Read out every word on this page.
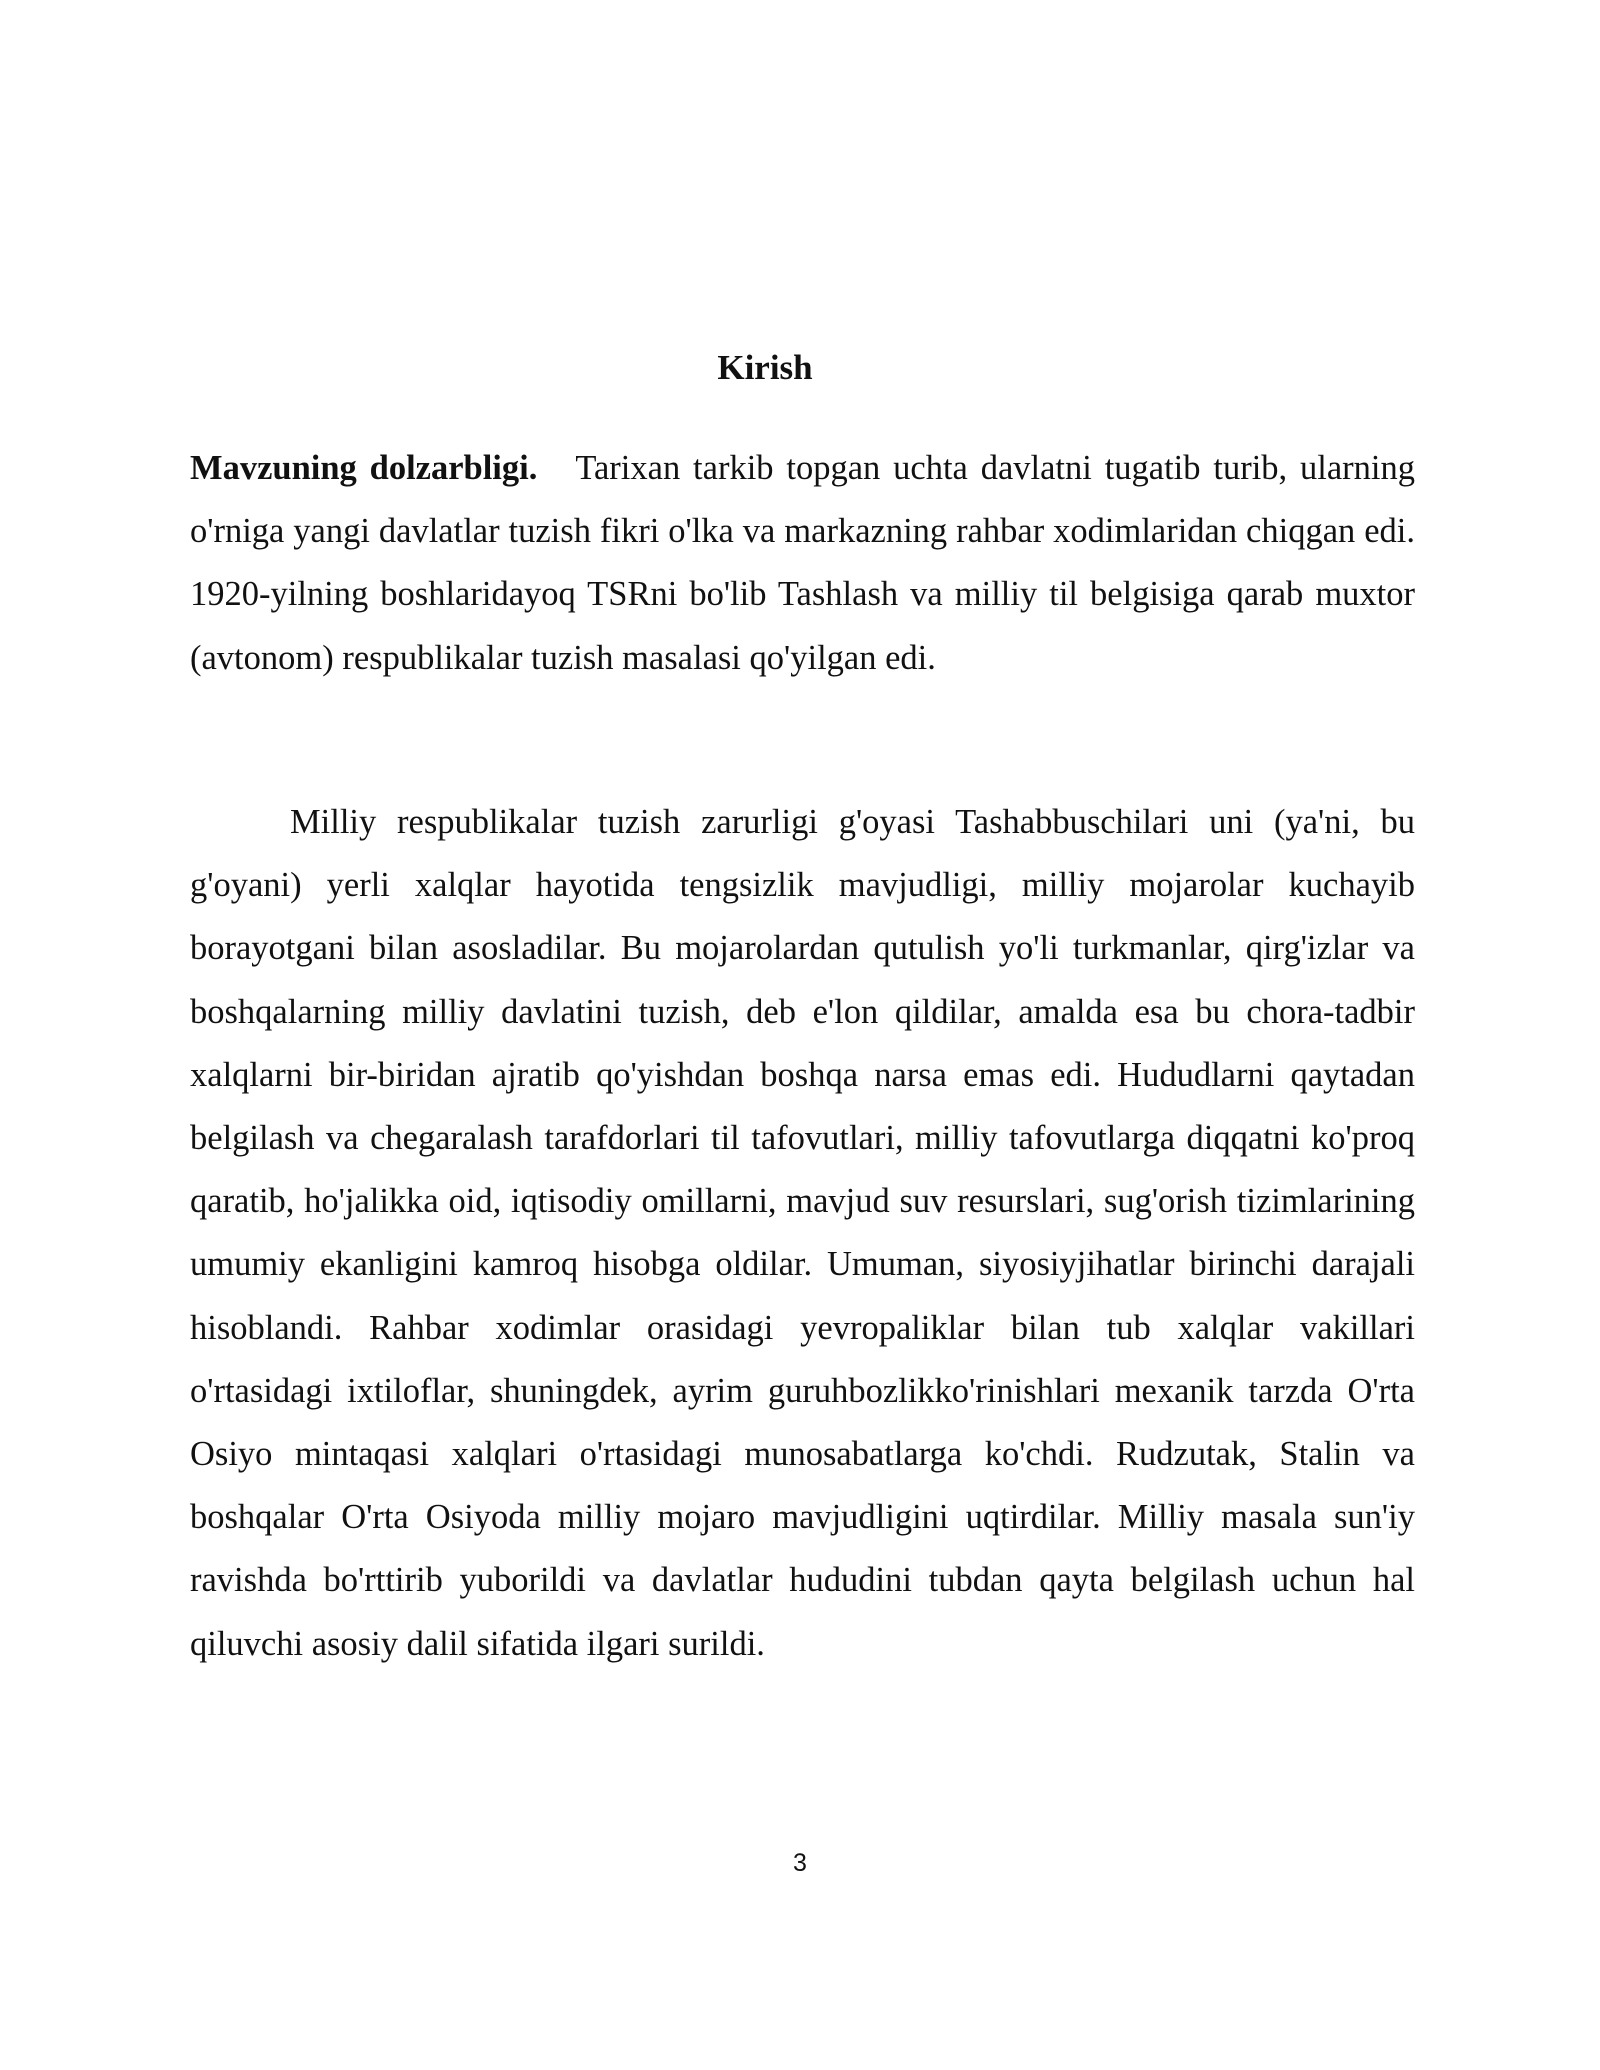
Kirish

Mavzuning dolzarbligi. Tarixan tarkib topgan uchta davlatni tugatib turib, ularning o'rniga yangi davlatlar tuzish fikri o'lka va markazning rahbar xodimlaridan chiqgan edi. 1920-yilning boshlaridayoq TSRni bo'lib Tashlash va milliy til belgisiga qarab muxtor (avtonom) respublikalar tuzish masalasi qo'yilgan edi.

Milliy respublikalar tuzish zarurligi g'oyasi Tashabbuschilari uni (ya'ni, bu g'oyani) yerli xalqlar hayotida tengsizlik mavjudligi, milliy mojarolar kuchayib borayotgani bilan asosladilar. Bu mojarolardan qutulish yo'li turkmanlar, qirg'izlar va boshqalarning milliy davlatini tuzish, deb e'lon qildilar, amalda esa bu chora-tadbir xalqlarni bir-biridan ajratib qo'yishdan boshqa narsa emas edi. Hududlarni qaytadan belgilash va chegaralash tarafdorlari til tafovutlari, milliy tafovutlarga diqqatni ko'proq qaratib, ho'jalikka oid, iqtisodiy omillarni, mavjud suv resurslari, sug'orish tizimlarining umumiy ekanligini kamroq hisobga oldilar. Umuman, siyosiyjihatlar birinchi darajali hisoblandi. Rahbar xodimlar orasidagi yevropaliklar bilan tub xalqlar vakillari o'rtasidagi ixtiloflar, shuningdek, ayrim guruhbozlikko'rinishlari mexanik tarzda O'rta Osiyo mintaqasi xalqlari o'rtasidagi munosabatlarga ko'chdi. Rudzutak, Stalin va boshqalar O'rta Osiyoda milliy mojaro mavjudligini uqtirdilar. Milliy masala sun'iy ravishda bo'rttirib yuborildi va davlatlar hududini tubdan qayta belgilash uchun hal qiluvchi asosiy dalil sifatida ilgari surildi.

3
